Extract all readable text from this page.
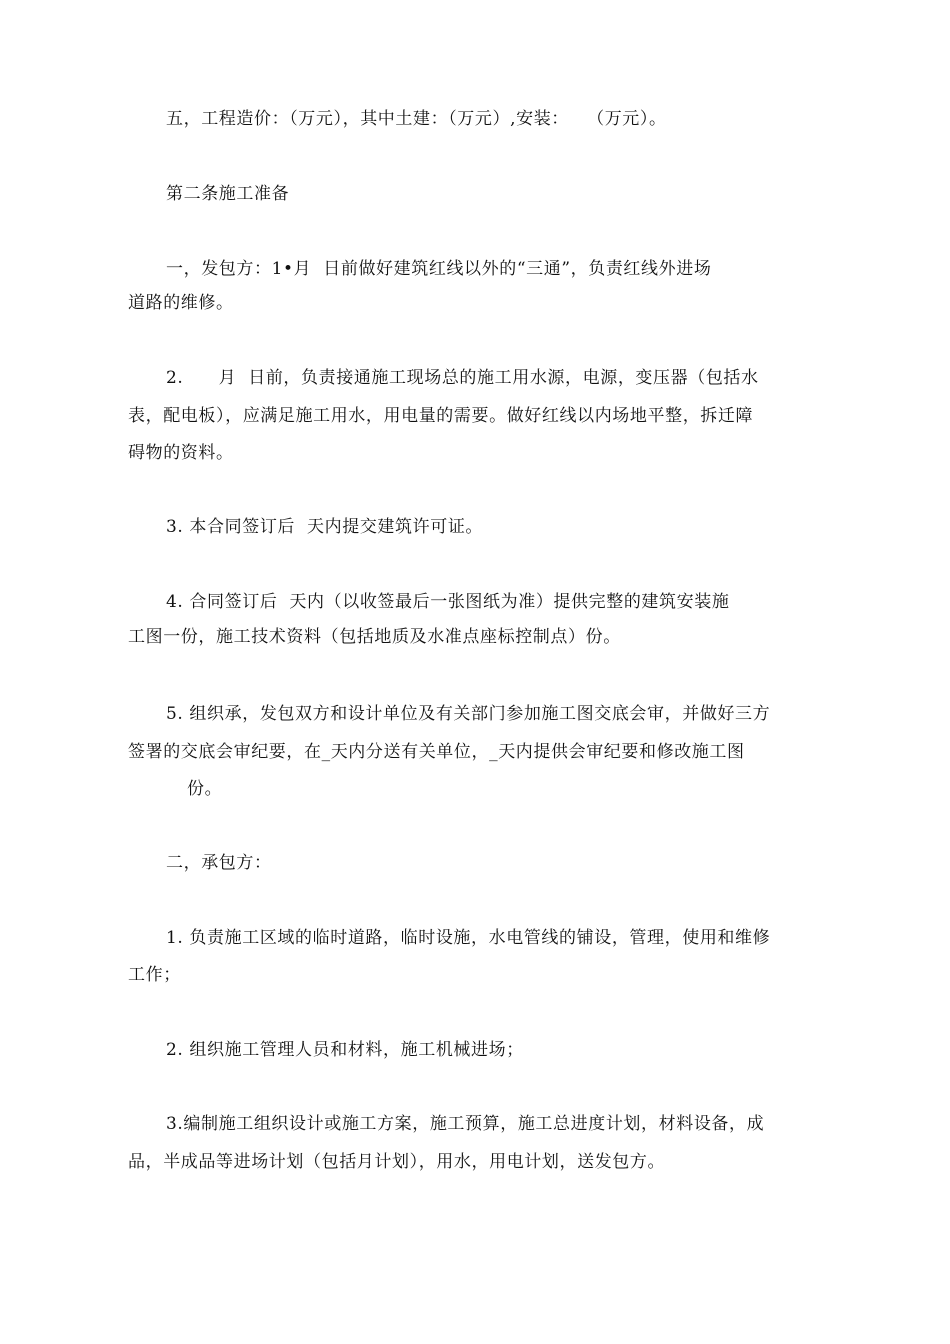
五，工程造价：（万元），其中土建：（万元）,安装：　　（万元）。
第二条施工准备
一，发包方：1•月  日前做好建筑红线以外的“三通”，负责红线外进场
道路的维修。
2.　　月  日前，负责接通施工现场总的施工用水源，电源，变压器（包括水
表，配电板），应满足施工用水，用电量的需要。做好红线以内场地平整，拆迁障
碍物的资料。
3. 本合同签订后  天内提交建筑许可证。
4. 合同签订后  天内（以收签最后一张图纸为准）提供完整的建筑安装施
工图一份，施工技术资料（包括地质及水准点座标控制点）份。
5. 组织承，发包双方和设计单位及有关部门参加施工图交底会审，并做好三方
签署的交底会审纪要，在_天内分送有关单位，_天内提供会审纪要和修改施工图
份。
二，承包方：
1. 负责施工区域的临时道路，临时设施，水电管线的铺设，管理，使用和维修
工作；
2. 组织施工管理人员和材料，施工机械进场；
3.编制施工组织设计或施工方案，施工预算，施工总进度计划，材料设备，成
品，半成品等进场计划（包括月计划），用水，用电计划，送发包方。
